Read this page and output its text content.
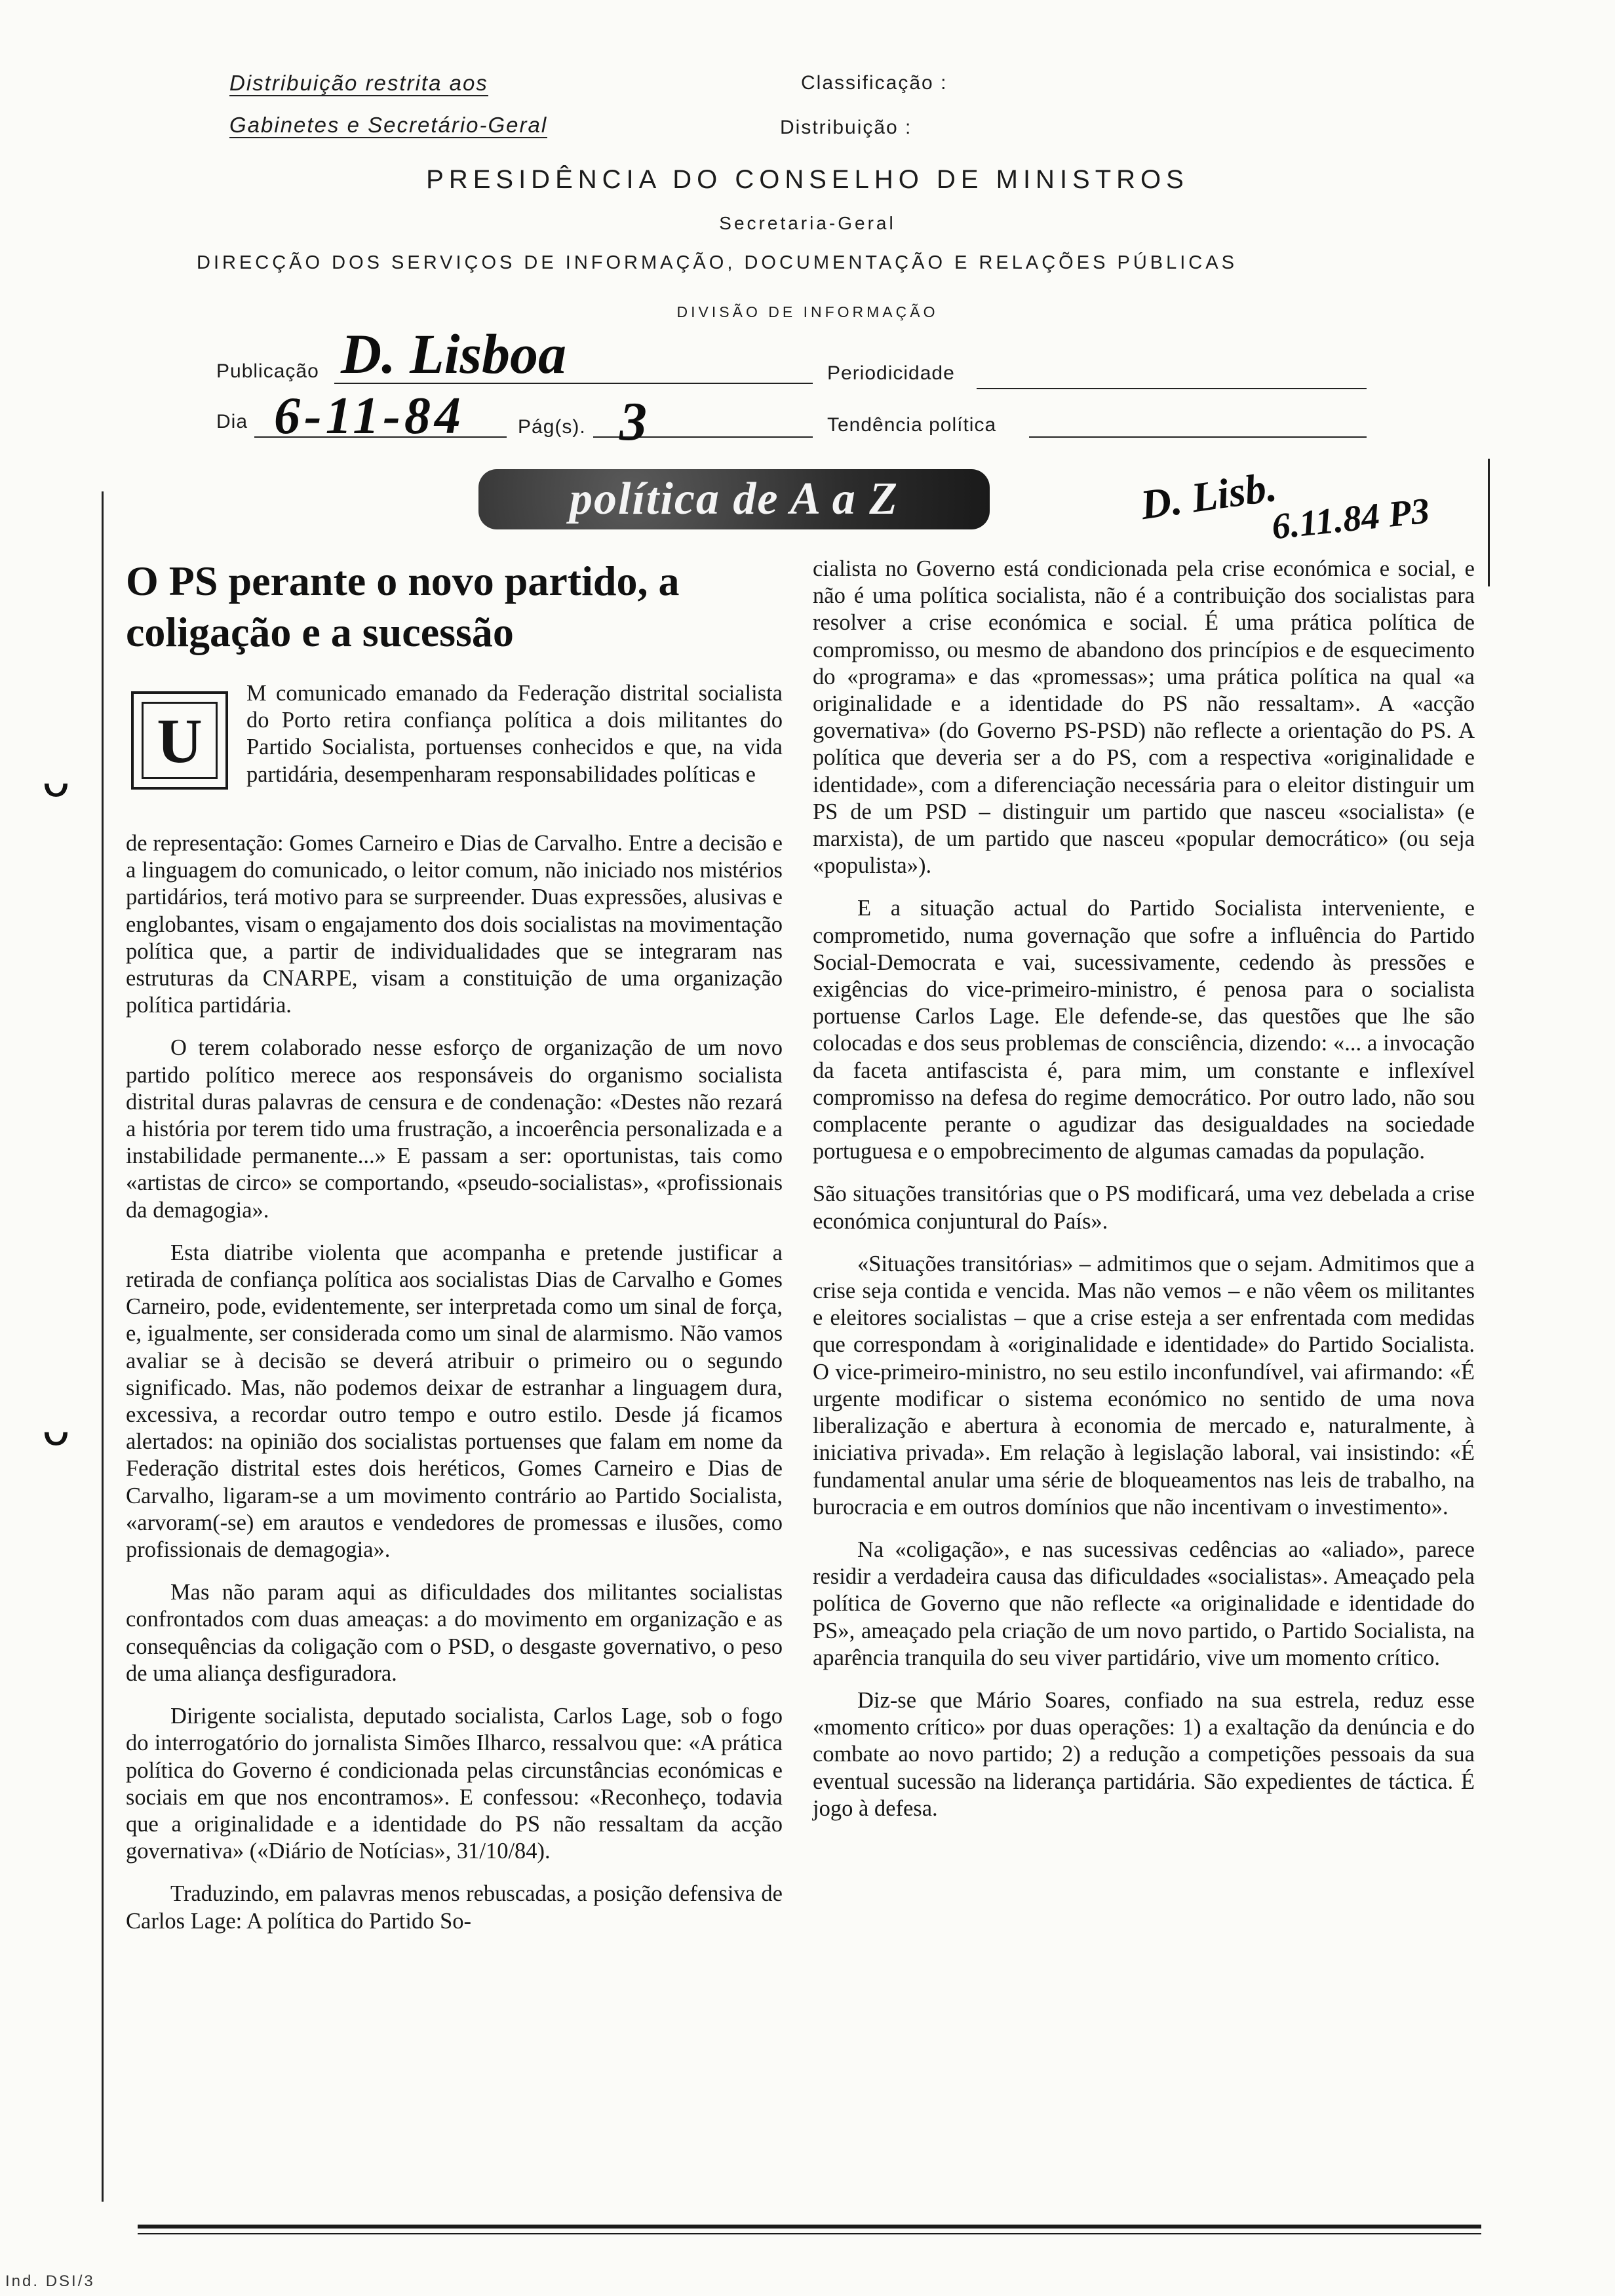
Distribuição restrita aos
Gabinetes e Secretário-Geral
Classificação :
Distribuição :
PRESIDÊNCIA DO CONSELHO DE MINISTROS
Secretaria-Geral
DIRECÇÃO DOS SERVIÇOS DE INFORMAÇÃO, DOCUMENTAÇÃO E RELAÇÕES PÚBLICAS
DIVISÃO DE INFORMAÇÃO
Publicação D. Lisboa	Periodicidade
Dia 6-11-84	Pág(s). 3	Tendência política
D. Lisb.
6.11.84 P3
política de A a Z
O PS perante o novo partido, a coligação e a sucessão
U

M comunicado emanado da Federação distrital socialista do Porto retira confiança política a dois militantes do Partido Socialista, portuenses conhecidos e que, na vida partidária, desempenharam responsabilidades políticas e

de representação: Gomes Carneiro e Dias de Carvalho. Entre a decisão e a linguagem do comunicado, o leitor comum, não iniciado nos mistérios partidários, terá motivo para se surpreender. Duas expressões, alusivas e englobantes, visam o engajamento dos dois socialistas na movimentação política que, a partir de individualidades que se integraram nas estruturas da CNARPE, visam a constituição de uma organização política partidária.

O terem colaborado nesse esforço de organização de um novo partido político merece aos responsáveis do organismo socialista distrital duras palavras de censura e de condenação: «Destes não rezará a história por terem tido uma frustração, a incoerência personalizada e a instabilidade permanente...» E passam a ser: oportunistas, tais como «artistas de circo» se comportando, «pseudo-socialistas», «profissionais da demagogia».

Esta diatribe violenta que acompanha e pretende justificar a retirada de confiança política aos socialistas Dias de Carvalho e Gomes Carneiro, pode, evidentemente, ser interpretada como um sinal de força, e, igualmente, ser considerada como um sinal de alarmismo. Não vamos avaliar se à decisão se deverá atribuir o primeiro ou o segundo significado. Mas, não podemos deixar de estranhar a linguagem dura, excessiva, a recordar outro tempo e outro estilo. Desde já ficamos alertados: na opinião dos socialistas portuenses que falam em nome da Federação distrital estes dois heréticos, Gomes Carneiro e Dias de Carvalho, ligaram-se a um movimento contrário ao Partido Socialista, «arvoram(-se) em arautos e vendedores de promessas e ilusões, como profissionais de demagogia».

Mas não param aqui as dificuldades dos militantes socialistas confrontados com duas ameaças: a do movimento em organização e as consequências da coligação com o PSD, o desgaste governativo, o peso de uma aliança desfiguradora.

Dirigente socialista, deputado socialista, Carlos Lage, sob o fogo do interrogatório do jornalista Simões Ilharco, ressalvou que: «A prática política do Governo é condicionada pelas circunstâncias económicas e sociais em que nos encontramos». E confessou: «Reconheço, todavia que a originalidade e a identidade do PS não ressaltam da acção governativa» («Diário de Notícias», 31/10/84).

Traduzindo, em palavras menos rebuscadas, a posição defensiva de Carlos Lage: A política do Partido So-

cialista no Governo está condicionada pela crise económica e social, e não é uma política socialista, não é a contribuição dos socialistas para resolver a crise económica e social. É uma prática política de compromisso, ou mesmo de abandono dos princípios e de esquecimento do «programa» e das «promessas»; uma prática política na qual «a originalidade e a identidade do PS não ressaltam». A «acção governativa» (do Governo PS-PSD) não reflecte a orientação do PS. A política que deveria ser a do PS, com a respectiva «originalidade e identidade», com a diferenciação necessária para o eleitor distinguir um PS de um PSD – distinguir um partido que nasceu «socialista» (e marxista), de um partido que nasceu «popular democrático» (ou seja «populista»).

E a situação actual do Partido Socialista interveniente, e comprometido, numa governação que sofre a influência do Partido Social-Democrata e vai, sucessivamente, cedendo às pressões e exigências do vice-primeiro-ministro, é penosa para o socialista portuense Carlos Lage. Ele defende-se, das questões que lhe são colocadas e dos seus problemas de consciência, dizendo: «... a invocação da faceta antifascista é, para mim, um constante e inflexível compromisso na defesa do regime democrático. Por outro lado, não sou complacente perante o agudizar das desigualdades na sociedade portuguesa e o empobrecimento de algumas camadas da população.

São situações transitórias que o PS modificará, uma vez debelada a crise económica conjuntural do País».

«Situações transitórias» – admitimos que o sejam. Admitimos que a crise seja contida e vencida. Mas não vemos – e não vêem os militantes e eleitores socialistas – que a crise esteja a ser enfrentada com medidas que correspondam à «originalidade e identidade» do Partido Socialista. O vice-primeiro-ministro, no seu estilo inconfundível, vai afirmando: «É urgente modificar o sistema económico no sentido de uma nova liberalização e abertura à economia de mercado e, naturalmente, à iniciativa privada». Em relação à legislação laboral, vai insistindo: «É fundamental anular uma série de bloqueamentos nas leis de trabalho, na burocracia e em outros domínios que não incentivam o investimento».

Na «coligação», e nas sucessivas cedências ao «aliado», parece residir a verdadeira causa das dificuldades «socialistas». Ameaçado pela política de Governo que não reflecte «a originalidade e identidade do PS», ameaçado pela criação de um novo partido, o Partido Socialista, na aparência tranquila do seu viver partidário, vive um momento crítico.

Diz-se que Mário Soares, confiado na sua estrela, reduz esse «momento crítico» por duas operações: 1) a exaltação da denúncia e do combate ao novo partido; 2) a redução a competições pessoais da sua eventual sucessão na liderança partidária. São expedientes de táctica. É jogo à defesa.

ᴗ
ᴗ
Ind. DSI/3
